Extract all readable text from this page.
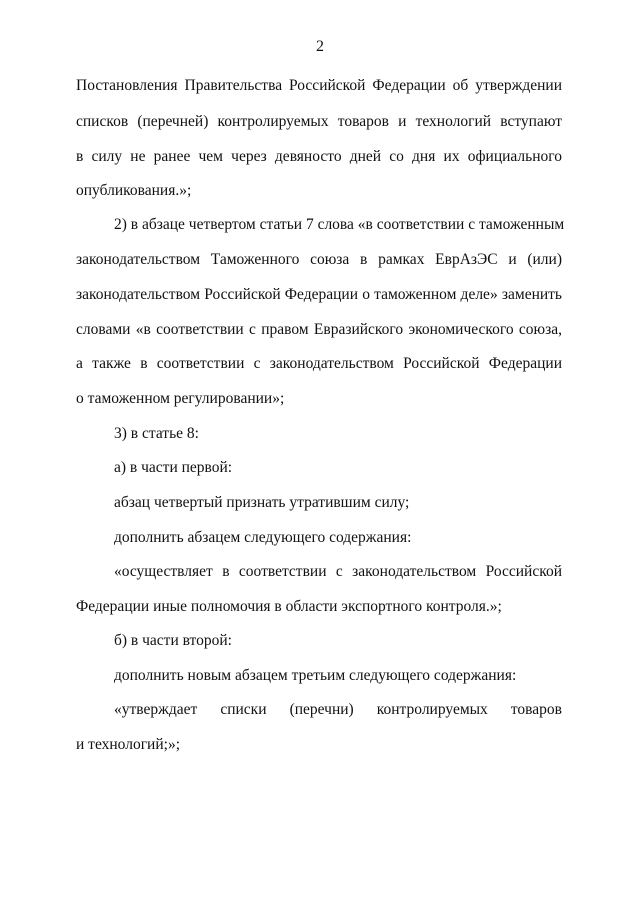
2
Постановления Правительства Российской Федерации об утверждении
списков (перечней) контролируемых товаров и технологий вступают
в силу не ранее чем через девяносто дней со дня их официального
опубликования.»;
2) в абзаце четвертом статьи 7 слова «в соответствии с таможенным
законодательством Таможенного союза в рамках ЕврАзЭС и (или)
законодательством Российской Федерации о таможенном деле» заменить
словами «в соответствии с правом Евразийского экономического союза,
а также в соответствии с законодательством Российской Федерации
о таможенном регулировании»;
3) в статье 8:
а) в части первой:
абзац четвертый признать утратившим силу;
дополнить абзацем следующего содержания:
«осуществляет в соответствии с законодательством Российской
Федерации иные полномочия в области экспортного контроля.»;
б) в части второй:
дополнить новым абзацем третьим следующего содержания:
«утверждает списки (перечни) контролируемых товаров
и технологий;»;
